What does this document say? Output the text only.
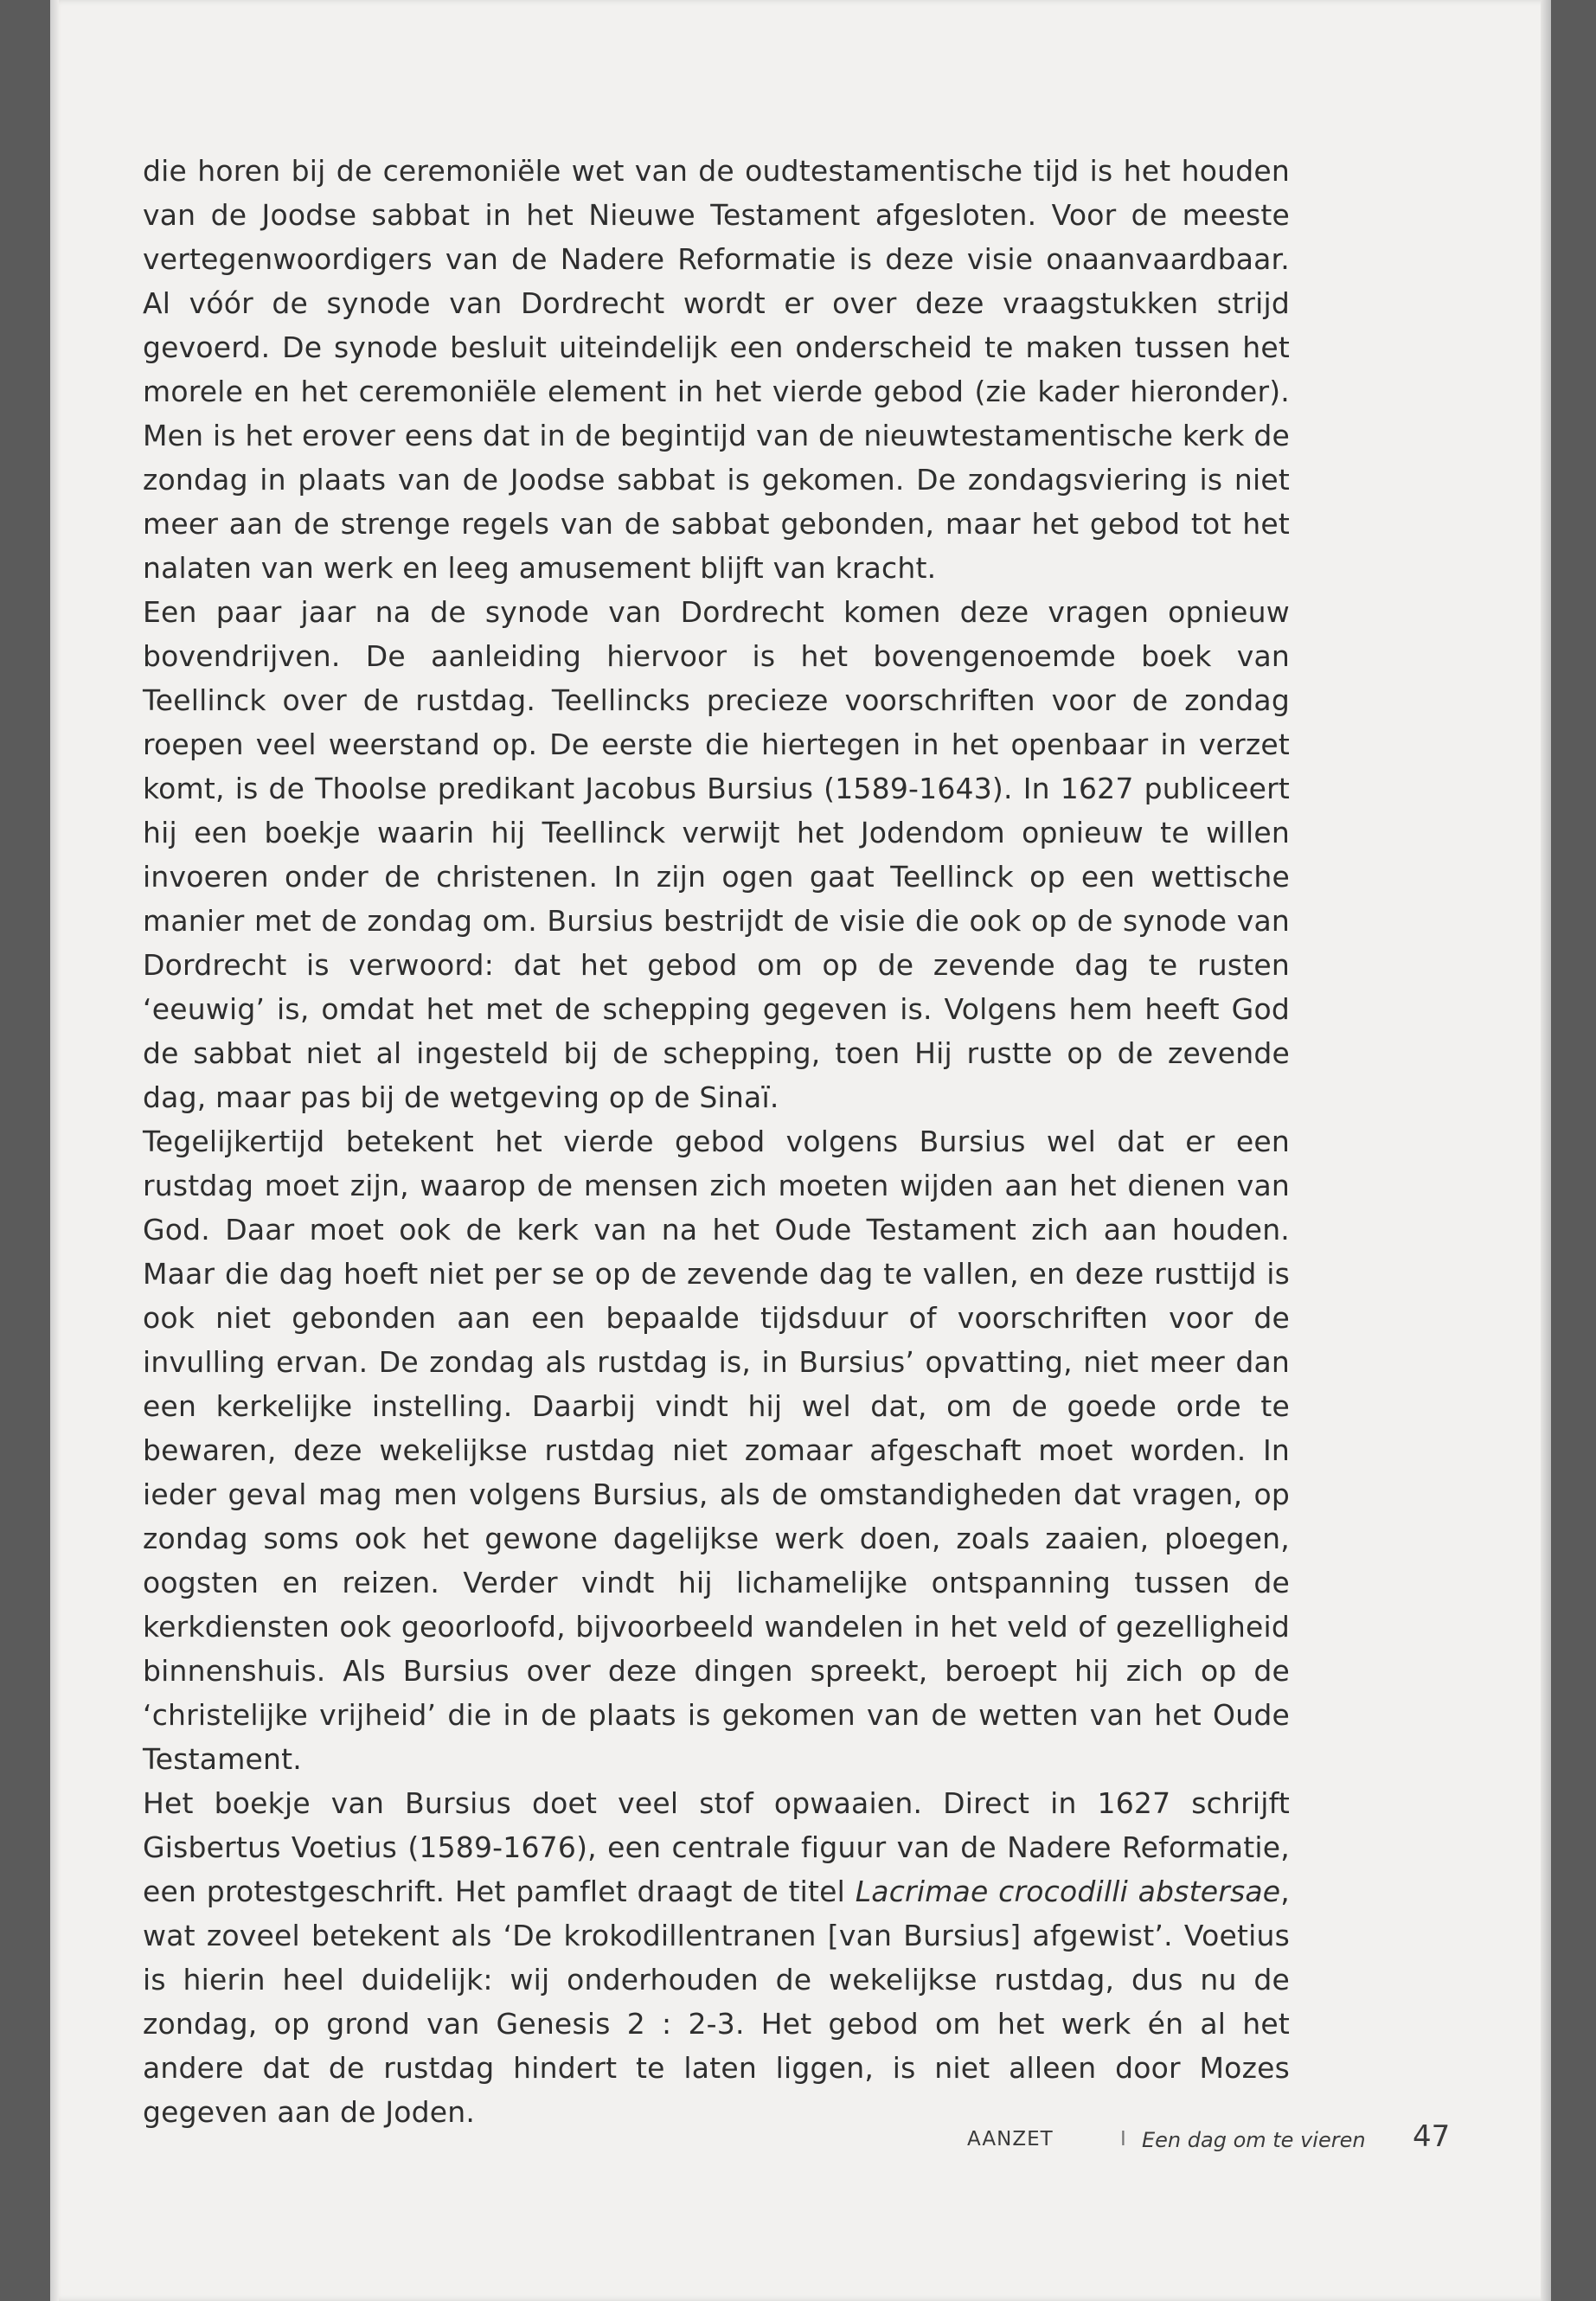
die horen bij de ceremoniële wet van de oudtestamentische tijd is het houden van de Joodse sabbat in het Nieuwe Testament afgesloten. Voor de meeste vertegenwoordigers van de Nadere Reformatie is deze visie onaanvaardbaar. Al vóór de synode van Dordrecht wordt er over deze vraagstukken strijd gevoerd. De synode besluit uiteindelijk een onderscheid te maken tussen het morele en het ceremoniële element in het vierde gebod (zie kader hieronder). Men is het erover eens dat in de begintijd van de nieuwtestamentische kerk de zondag in plaats van de Joodse sabbat is gekomen. De zondagsviering is niet meer aan de strenge regels van de sabbat gebonden, maar het gebod tot het nalaten van werk en leeg amusement blijft van kracht.

Een paar jaar na de synode van Dordrecht komen deze vragen opnieuw bovendrijven. De aanleiding hiervoor is het bovengenoemde boek van Teellinck over de rustdag. Teellincks precieze voorschriften voor de zondag roepen veel weerstand op. De eerste die hiertegen in het openbaar in verzet komt, is de Thoolse predikant Jacobus Bursius (1589-1643). In 1627 publiceert hij een boekje waarin hij Teellinck verwijt het Jodendom opnieuw te willen invoeren onder de christenen. In zijn ogen gaat Teellinck op een wettische manier met de zondag om. Bursius bestrijdt de visie die ook op de synode van Dordrecht is verwoord: dat het gebod om op de zevende dag te rusten ‘eeuwig’ is, omdat het met de schepping gegeven is. Volgens hem heeft God de sabbat niet al ingesteld bij de schepping, toen Hij rustte op de zevende dag, maar pas bij de wetgeving op de Sinaï.

Tegelijkertijd betekent het vierde gebod volgens Bursius wel dat er een rustdag moet zijn, waarop de mensen zich moeten wijden aan het dienen van God. Daar moet ook de kerk van na het Oude Testament zich aan houden. Maar die dag hoeft niet per se op de zevende dag te vallen, en deze rusttijd is ook niet gebonden aan een bepaalde tijdsduur of voorschriften voor de invulling ervan. De zondag als rustdag is, in Bursius’ opvatting, niet meer dan een kerkelijke instelling. Daarbij vindt hij wel dat, om de goede orde te bewaren, deze wekelijkse rustdag niet zomaar afgeschaft moet worden. In ieder geval mag men volgens Bursius, als de omstandigheden dat vragen, op zondag soms ook het gewone dagelijkse werk doen, zoals zaaien, ploegen, oogsten en reizen. Verder vindt hij lichamelijke ontspanning tussen de kerkdiensten ook geoorloofd, bijvoorbeeld wandelen in het veld of gezelligheid binnenshuis. Als Bursius over deze dingen spreekt, beroept hij zich op de ‘christelijke vrijheid’ die in de plaats is gekomen van de wetten van het Oude Testament.

Het boekje van Bursius doet veel stof opwaaien. Direct in 1627 schrijft Gisbertus Voetius (1589-1676), een centrale figuur van de Nadere Reformatie, een protestgeschrift. Het pamflet draagt de titel Lacrimae crocodilli abstersae, wat zoveel betekent als ‘De krokodillentranen [van Bursius] afgewist’. Voetius is hierin heel duidelijk: wij onderhouden de wekelijkse rustdag, dus nu de zondag, op grond van Genesis 2 : 2-3. Het gebod om het werk én al het andere dat de rustdag hindert te laten liggen, is niet alleen door Mozes gegeven aan de Joden.

AANZET	I Een dag om te vieren 47
